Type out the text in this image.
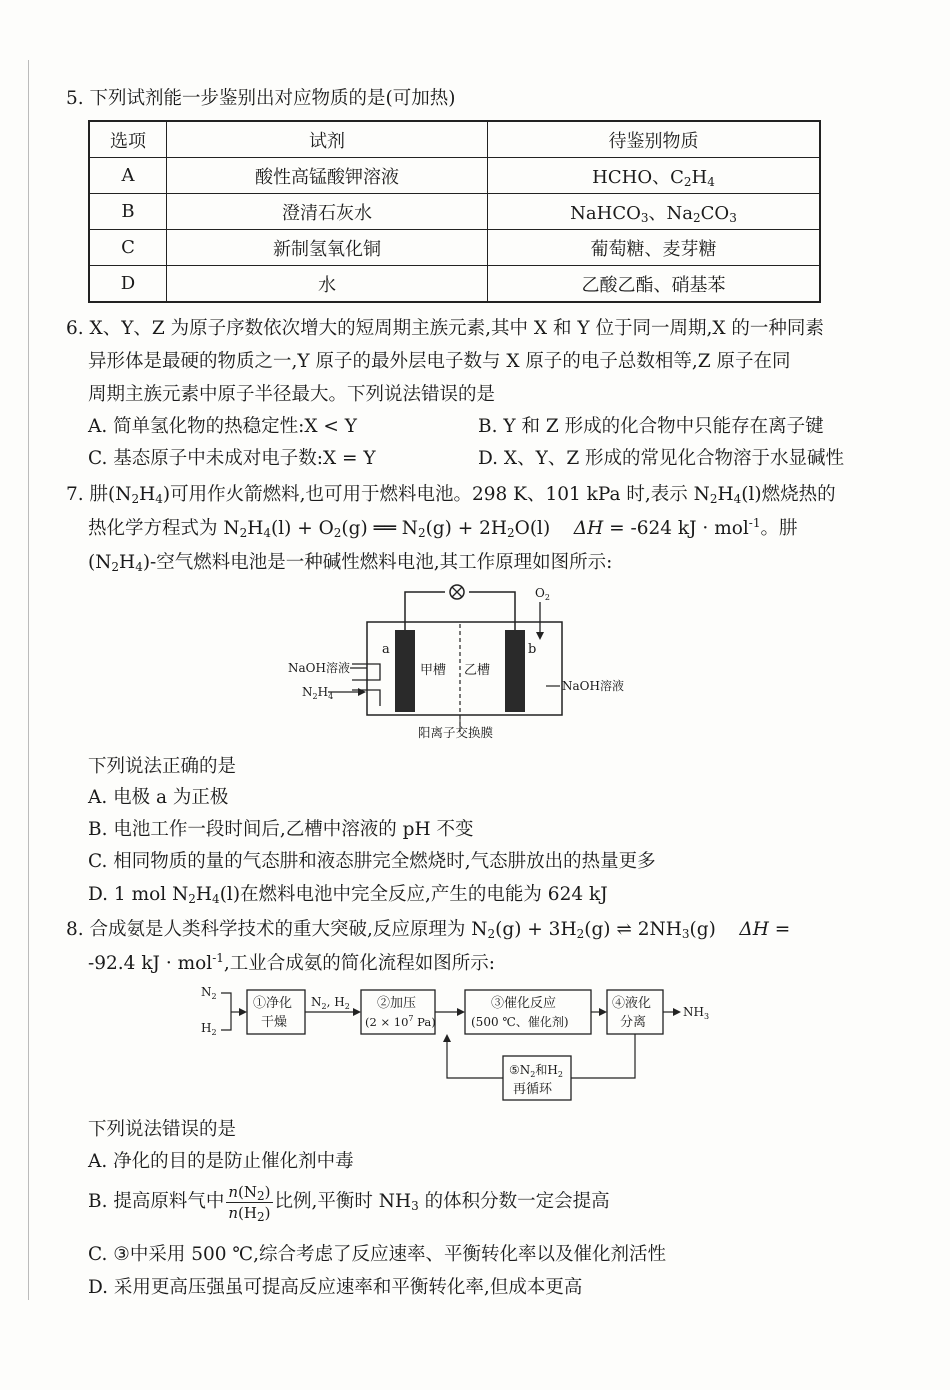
5. 下列试剂能一步鉴别出对应物质的是(可加热)
选项	试剂	待鉴别物质
A	酸性高锰酸钾溶液	HCHO、$C_2H_4$
B	澄清石灰水	NaHCO$_3$、$Na_2CO_3$
C	新制氢氧化铜	葡萄糖、麦芽糖
D	水	乙酸乙酯、硝基苯
6. X、Y、Z 为原子序数依次增大的短周期主族元素,其中 X 和 Y 位于同一周期,X 的一种同素
异形体是最硬的物质之一,Y 原子的最外层电子数与 X 原子的电子总数相等,Z 原子在同
周期主族元素中原子半径最大。下列说法错误的是
A. 简单氢化物的热稳定性:X < Y	B. Y 和 Z 形成的化合物中只能存在离子键
C. 基态原子中未成对电子数:X = Y	D. X、Y、Z 形成的常见化合物溶于水显碱性
7. 肼$(N_2H_4)$可用作火箭燃料,也可用于燃料电池。298 K、101 kPa 时,表示 $N_2H_4(l)$燃烧热的
热化学方程式为 $N_2H_4(l) + O_2(g)$ ══ $N_2(g) + 2H_2O(l)$    ΔH = -624 kJ · mol$^{-1}$。肼
$(N_2H_4)-$空气燃料电池是一种碱性燃料电池,其工作原理如图所示:
$O_2$
a	b
甲槽 乙槽
NaOH溶液
$N_2H_4$
NaOH溶液
阳离子交换膜
下列说法正确的是
A. 电极 a 为正极
B. 电池工作一段时间后,乙槽中溶液的 pH 不变
C. 相同物质的量的气态肼和液态肼完全燃烧时,气态肼放出的热量更多
D. 1 mol $N_2H_4(l)$在燃料电池中完全反应,产生的电能为 624 kJ
8. 合成氨是人类科学技术的重大突破,反应原理为 $N_2(g) + 3H_2(g)$ ⇌ $2NH_3(g)$    ΔH =
-92.4 kJ · mol$^{-1}$,工业合成氨的简化流程如图所示:
$N_2$
$H_2$
①净化
干燥
$N_2$, $H_2$ ②加压
($2 \times 10^7$ Pa)
③催化反应
(500 ℃、催化剂)
④液化
分离
$NH_3$
$⑤N_2$和$H_2$
再循环
下列说法错误的是
A. 净化的目的是防止催化剂中毒
B. 提高原料气中 $\frac{n(N_2)}{n(H_2)}$ 比例,平衡时 $NH_3$ 的体积分数一定会提高
C. ③中采用 500 ℃,综合考虑了反应速率、平衡转化率以及催化剂活性
D. 采用更高压强虽可提高反应速率和平衡转化率,但成本更高
